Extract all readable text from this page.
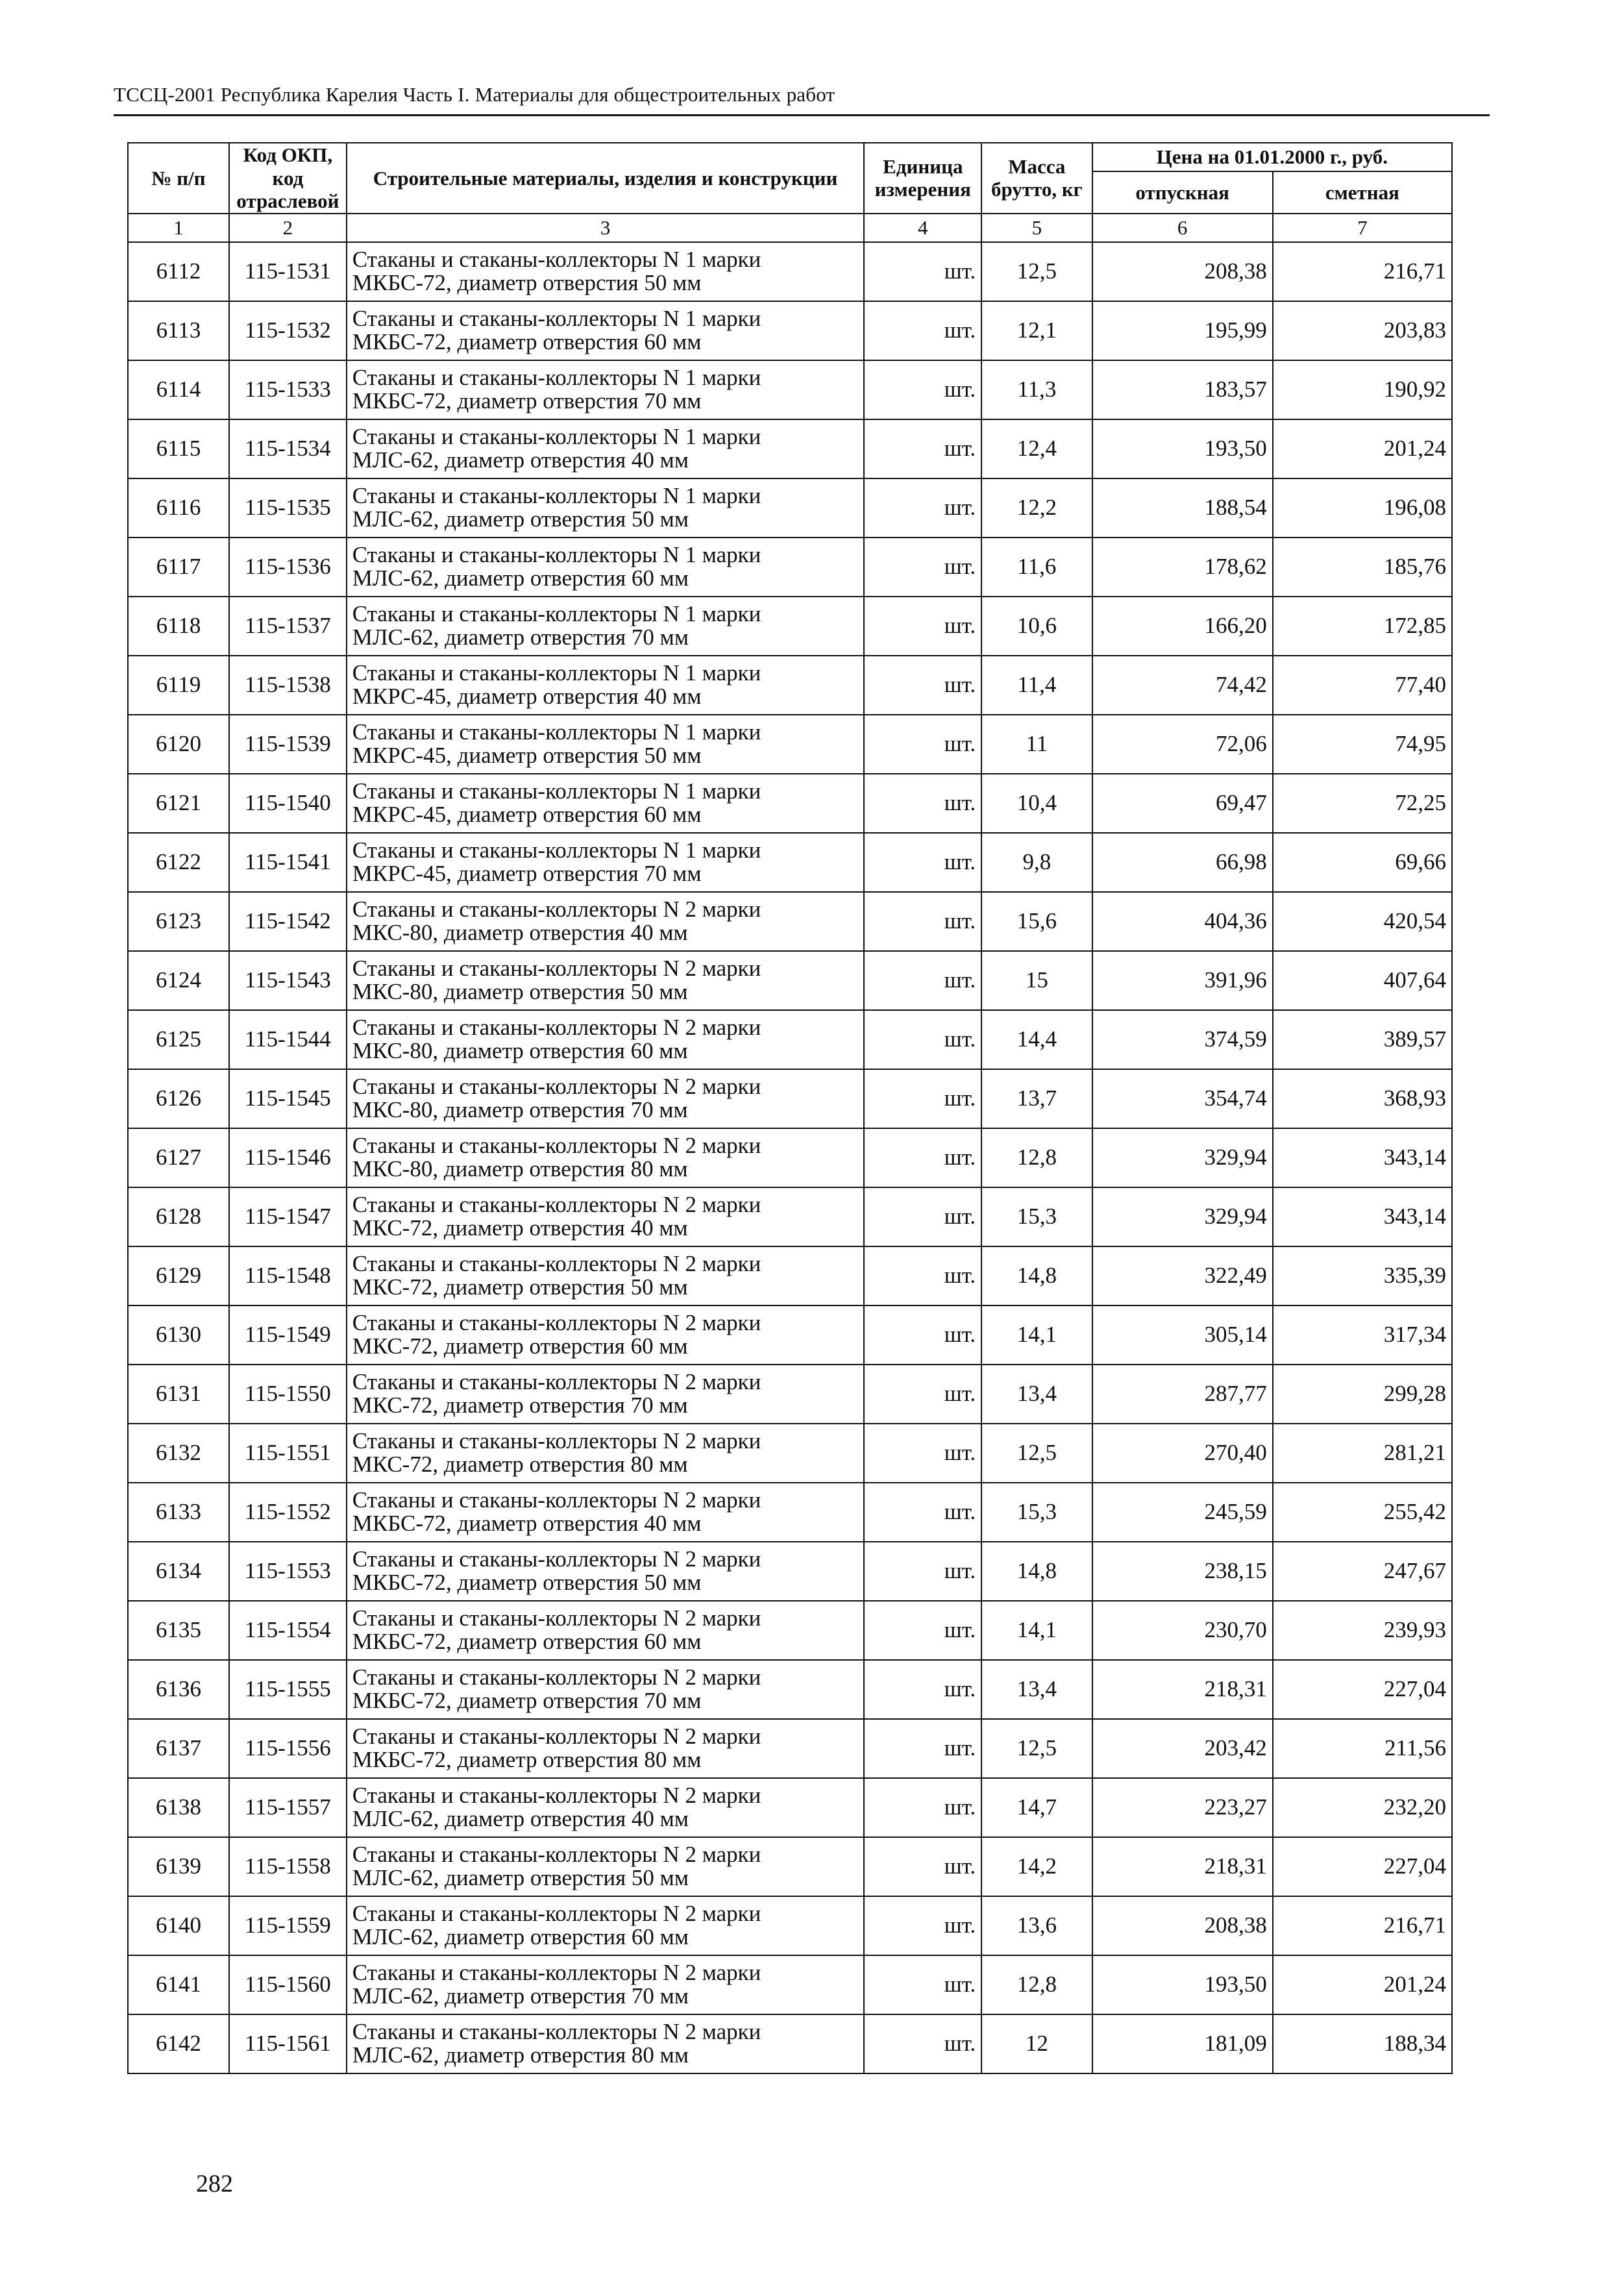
ТССЦ-2001 Республика Карелия Часть I. Материалы для общестроительных работ
№ п/п	Код ОКП, код отраслевой	Строительные материалы, изделия и конструкции	Единица измерения	Масса брутто, кг	Цена на 01.01.2000 г., руб.	
					отпускная	сметная
1	2	3	4	5	6	7
6112	115-1531	Стаканы и стаканы-коллекторы N 1 марки
МКБС-72, диаметр отверстия 50 мм	шт.	12,5	208,38	216,71
6113	115-1532	Стаканы и стаканы-коллекторы N 1 марки
МКБС-72, диаметр отверстия 60 мм	шт.	12,1	195,99	203,83
6114	115-1533	Стаканы и стаканы-коллекторы N 1 марки
МКБС-72, диаметр отверстия 70 мм	шт.	11,3	183,57	190,92
6115	115-1534	Стаканы и стаканы-коллекторы N 1 марки
МЛС-62, диаметр отверстия 40 мм	шт.	12,4	193,50	201,24
6116	115-1535	Стаканы и стаканы-коллекторы N 1 марки
МЛС-62, диаметр отверстия 50 мм	шт.	12,2	188,54	196,08
6117	115-1536	Стаканы и стаканы-коллекторы N 1 марки
МЛС-62, диаметр отверстия 60 мм	шт.	11,6	178,62	185,76
6118	115-1537	Стаканы и стаканы-коллекторы N 1 марки
МЛС-62, диаметр отверстия 70 мм	шт.	10,6	166,20	172,85
6119	115-1538	Стаканы и стаканы-коллекторы N 1 марки
МКРС-45, диаметр отверстия 40 мм	шт.	11,4	74,42	77,40
6120	115-1539	Стаканы и стаканы-коллекторы N 1 марки
МКРС-45, диаметр отверстия 50 мм	шт.	11	72,06	74,95
6121	115-1540	Стаканы и стаканы-коллекторы N 1 марки
МКРС-45, диаметр отверстия 60 мм	шт.	10,4	69,47	72,25
6122	115-1541	Стаканы и стаканы-коллекторы N 1 марки
МКРС-45, диаметр отверстия 70 мм	шт.	9,8	66,98	69,66
6123	115-1542	Стаканы и стаканы-коллекторы N 2 марки
МКС-80, диаметр отверстия 40 мм	шт.	15,6	404,36	420,54
6124	115-1543	Стаканы и стаканы-коллекторы N 2 марки
МКС-80, диаметр отверстия 50 мм	шт.	15	391,96	407,64
6125	115-1544	Стаканы и стаканы-коллекторы N 2 марки
МКС-80, диаметр отверстия 60 мм	шт.	14,4	374,59	389,57
6126	115-1545	Стаканы и стаканы-коллекторы N 2 марки
МКС-80, диаметр отверстия 70 мм	шт.	13,7	354,74	368,93
6127	115-1546	Стаканы и стаканы-коллекторы N 2 марки
МКС-80, диаметр отверстия 80 мм	шт.	12,8	329,94	343,14
6128	115-1547	Стаканы и стаканы-коллекторы N 2 марки
МКС-72, диаметр отверстия 40 мм	шт.	15,3	329,94	343,14
6129	115-1548	Стаканы и стаканы-коллекторы N 2 марки
МКС-72, диаметр отверстия 50 мм	шт.	14,8	322,49	335,39
6130	115-1549	Стаканы и стаканы-коллекторы N 2 марки
МКС-72, диаметр отверстия 60 мм	шт.	14,1	305,14	317,34
6131	115-1550	Стаканы и стаканы-коллекторы N 2 марки
МКС-72, диаметр отверстия 70 мм	шт.	13,4	287,77	299,28
6132	115-1551	Стаканы и стаканы-коллекторы N 2 марки
МКС-72, диаметр отверстия 80 мм	шт.	12,5	270,40	281,21
6133	115-1552	Стаканы и стаканы-коллекторы N 2 марки
МКБС-72, диаметр отверстия 40 мм	шт.	15,3	245,59	255,42
6134	115-1553	Стаканы и стаканы-коллекторы N 2 марки
МКБС-72, диаметр отверстия 50 мм	шт.	14,8	238,15	247,67
6135	115-1554	Стаканы и стаканы-коллекторы N 2 марки
МКБС-72, диаметр отверстия 60 мм	шт.	14,1	230,70	239,93
6136	115-1555	Стаканы и стаканы-коллекторы N 2 марки
МКБС-72, диаметр отверстия 70 мм	шт.	13,4	218,31	227,04
6137	115-1556	Стаканы и стаканы-коллекторы N 2 марки
МКБС-72, диаметр отверстия 80 мм	шт.	12,5	203,42	211,56
6138	115-1557	Стаканы и стаканы-коллекторы N 2 марки
МЛС-62, диаметр отверстия 40 мм	шт.	14,7	223,27	232,20
6139	115-1558	Стаканы и стаканы-коллекторы N 2 марки
МЛС-62, диаметр отверстия 50 мм	шт.	14,2	218,31	227,04
6140	115-1559	Стаканы и стаканы-коллекторы N 2 марки
МЛС-62, диаметр отверстия 60 мм	шт.	13,6	208,38	216,71
6141	115-1560	Стаканы и стаканы-коллекторы N 2 марки
МЛС-62, диаметр отверстия 70 мм	шт.	12,8	193,50	201,24
6142	115-1561	Стаканы и стаканы-коллекторы N 2 марки
МЛС-62, диаметр отверстия 80 мм	шт.	12	181,09	188,34
282
